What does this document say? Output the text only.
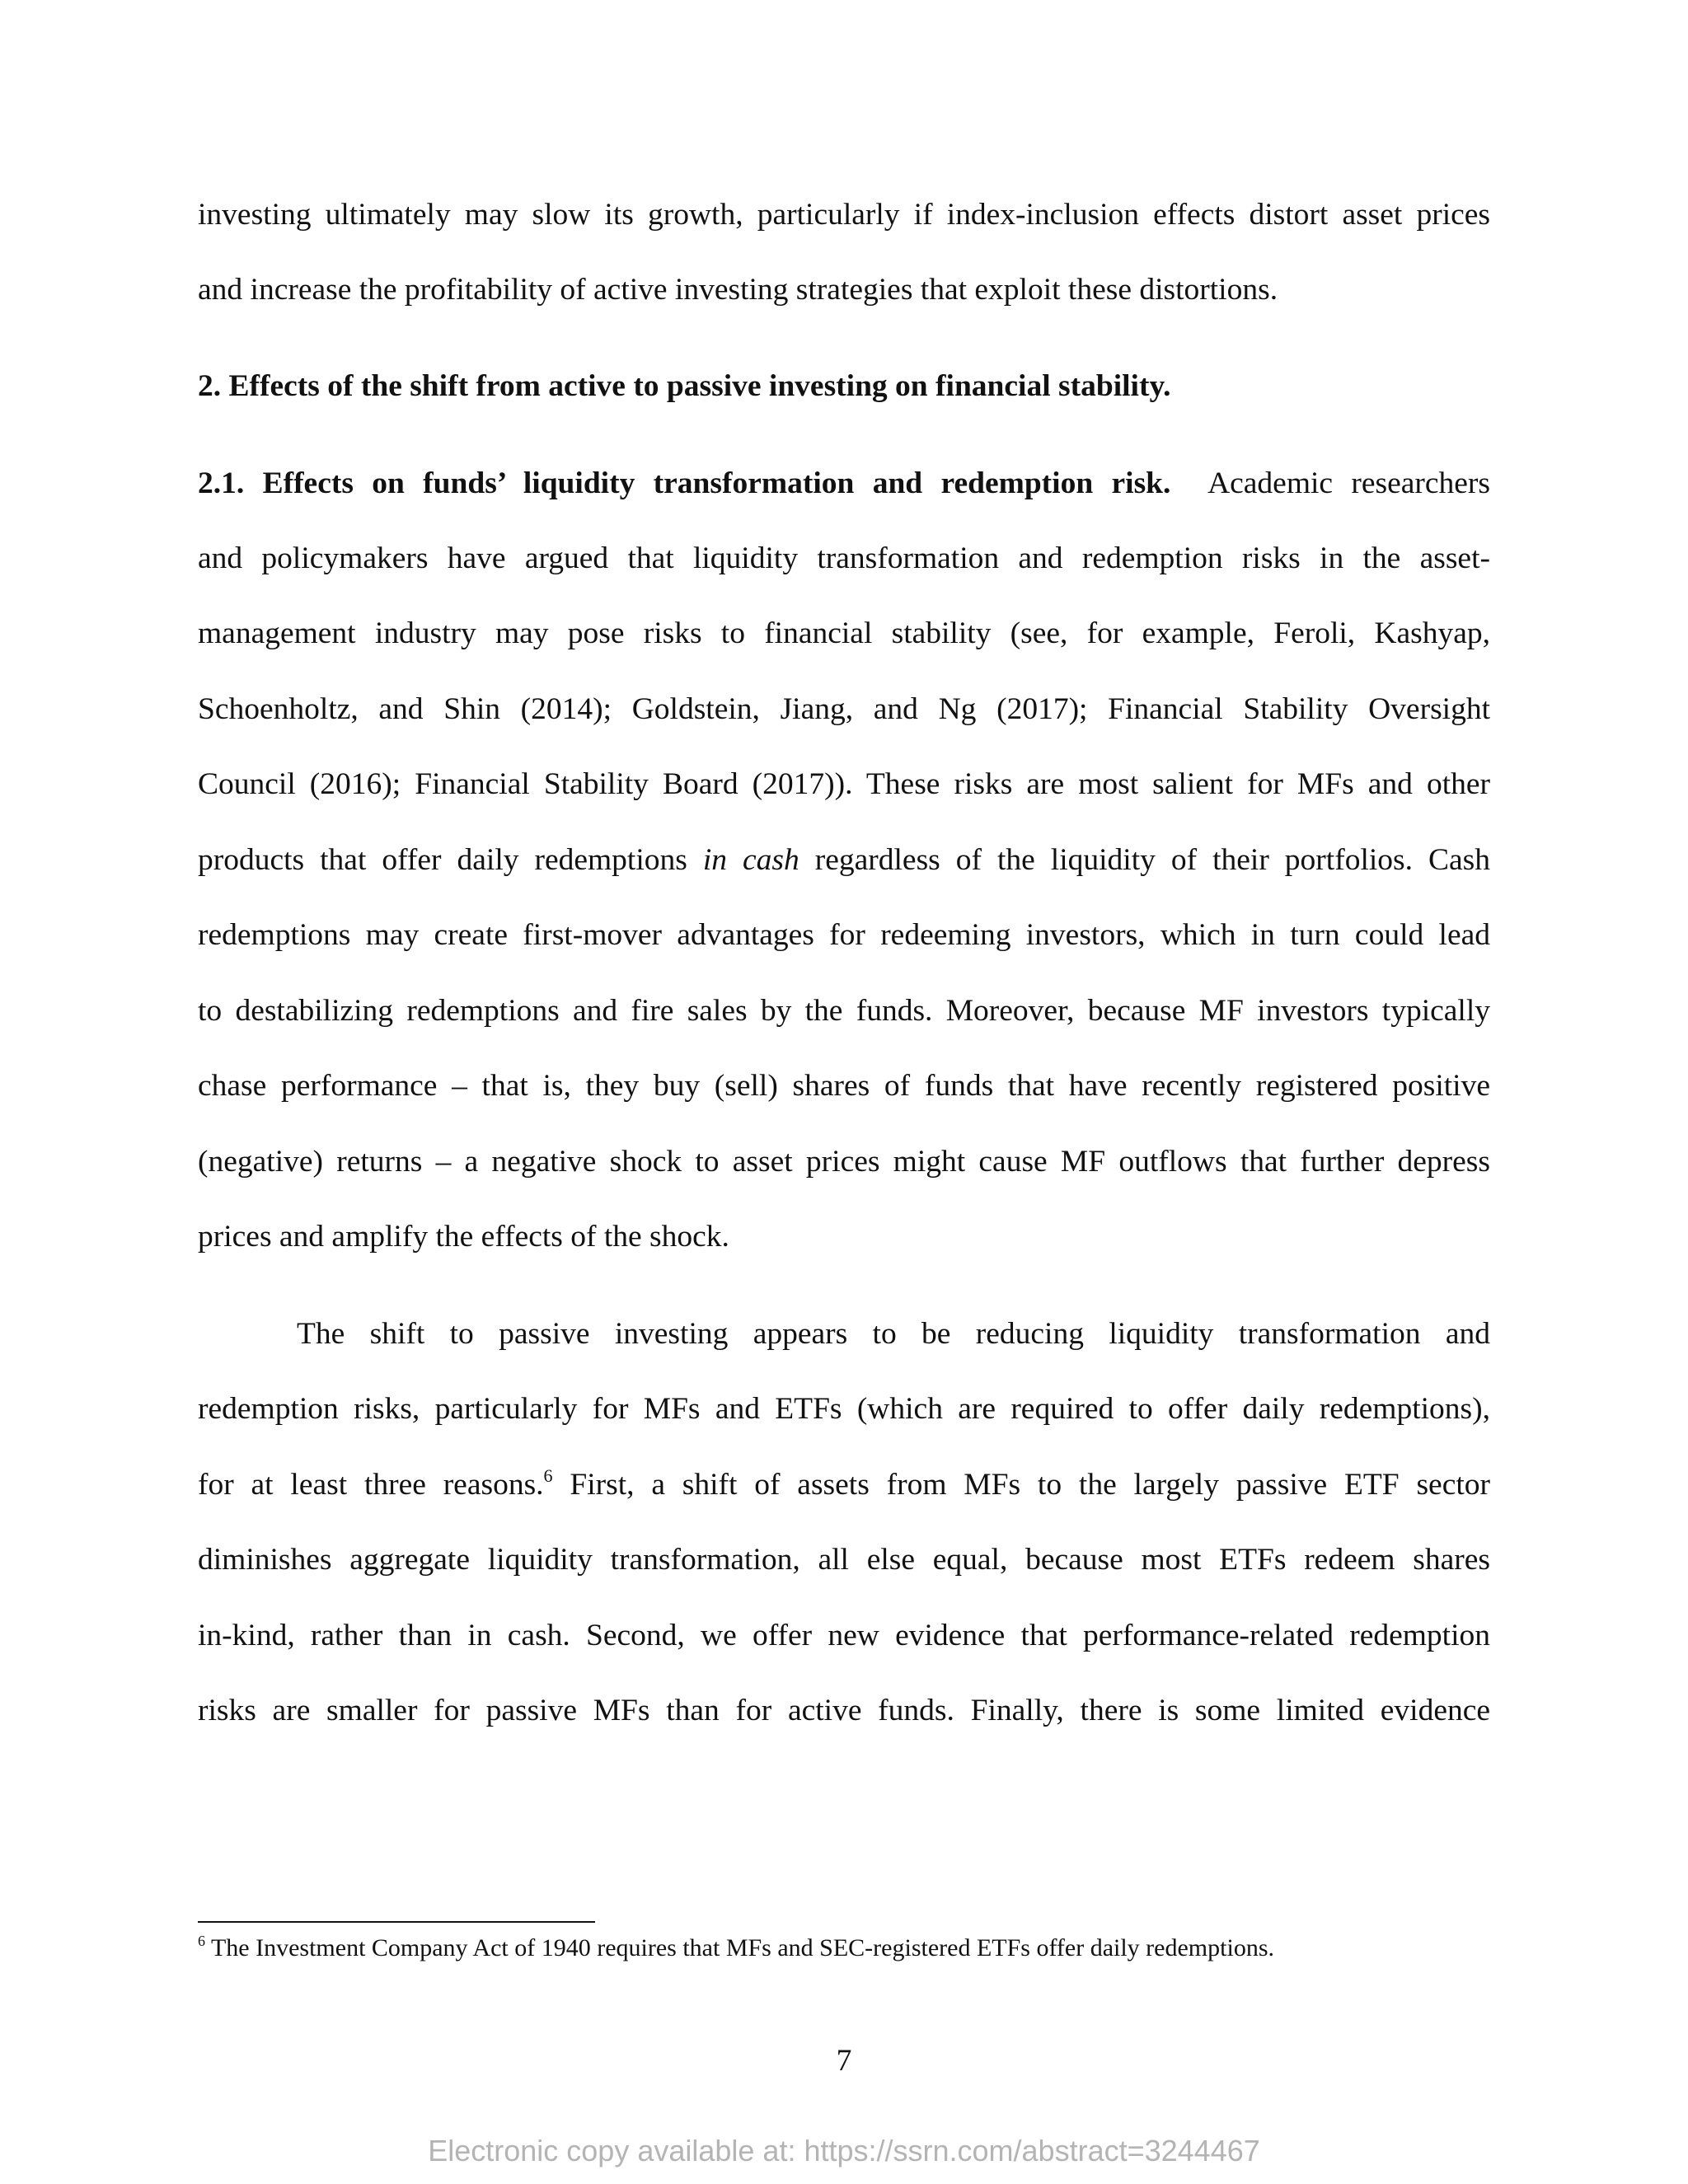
investing ultimately may slow its growth, particularly if index-inclusion effects distort asset prices
and increase the profitability of active investing strategies that exploit these distortions.
2. Effects of the shift from active to passive investing on financial stability.
2.1. Effects on funds’ liquidity transformation and redemption risk. Academic researchers
and policymakers have argued that liquidity transformation and redemption risks in the asset-
management industry may pose risks to financial stability (see, for example, Feroli, Kashyap,
Schoenholtz, and Shin (2014); Goldstein, Jiang, and Ng (2017); Financial Stability Oversight
Council (2016); Financial Stability Board (2017)). These risks are most salient for MFs and other
products that offer daily redemptions in cash regardless of the liquidity of their portfolios. Cash
redemptions may create first-mover advantages for redeeming investors, which in turn could lead
to destabilizing redemptions and fire sales by the funds. Moreover, because MF investors typically
chase performance – that is, they buy (sell) shares of funds that have recently registered positive
(negative) returns – a negative shock to asset prices might cause MF outflows that further depress
prices and amplify the effects of the shock.
The shift to passive investing appears to be reducing liquidity transformation and
redemption risks, particularly for MFs and ETFs (which are required to offer daily redemptions),
for at least three reasons.$^6$ First, a shift of assets from MFs to the largely passive ETF sector
diminishes aggregate liquidity transformation, all else equal, because most ETFs redeem shares
in-kind, rather than in cash. Second, we offer new evidence that performance-related redemption
risks are smaller for passive MFs than for active funds. Finally, there is some limited evidence
$^6$ The Investment Company Act of 1940 requires that MFs and SEC-registered ETFs offer daily redemptions.
7
Electronic copy available at: https://ssrn.com/abstract=3244467
